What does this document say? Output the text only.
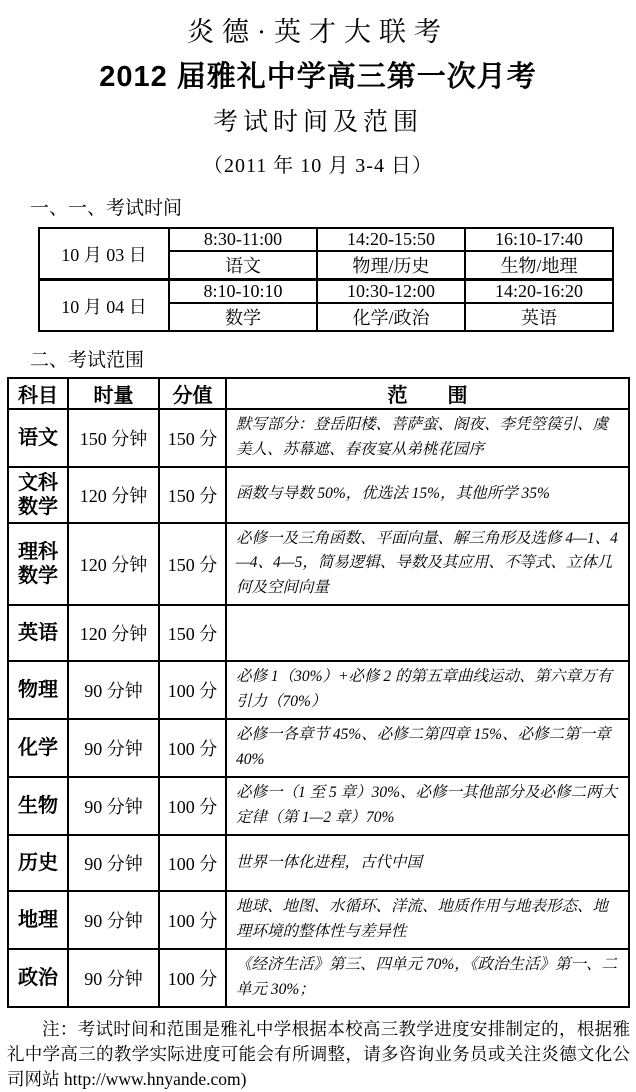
炎德·英才大联考
2012 届雅礼中学高三第一次月考
考试时间及范围
（2011 年 10 月 3-4 日）
一、一、考试时间
10 月 03 日	8:30-11:00	14:20-15:50	16:10-17:40
	语文	物理/历史	生物/地理
10 月 04 日	8:10-10:10	10:30-12:00	14:20-16:20
	数学	化学/政治	英语
二、考试范围
科目	时量	分值	范　　围
语文	150 分钟	150 分	默写部分：登岳阳楼、菩萨蛮、阁夜、李凭箜篌引、虞美人、苏幕遮、春夜宴从弟桃花园序
文科数学	120 分钟	150 分	函数与导数 50%，优选法 15%，其他所学 35%
理科数学	120 分钟	150 分	必修一及三角函数、平面向量、解三角形及选修 4—1、4—4、4—5，简易逻辑、导数及其应用、不等式、立体几何及空间向量
英语	120 分钟	150 分	
物理	90 分钟	100 分	必修 1（30%）+必修 2 的第五章曲线运动、第六章万有引力（70%）
化学	90 分钟	100 分	必修一各章节 45%、必修二第四章 15%、必修二第一章 40%
生物	90 分钟	100 分	必修一（1 至 5 章）30%、必修一其他部分及必修二两大定律（第 1—2 章）70%
历史	90 分钟	100 分	世界一体化进程，古代中国
地理	90 分钟	100 分	地球、地图、水循环、洋流、地质作用与地表形态、地理环境的整体性与差异性
政治	90 分钟	100 分	《经济生活》第三、四单元 70%，《政治生活》第一、二单元 30%；

注：考试时间和范围是雅礼中学根据本校高三教学进度安排制定的，根据雅礼中学高三的教学实际进度可能会有所调整，请多咨询业务员或关注炎德文化公司网站 http://www.hnyande.com)
